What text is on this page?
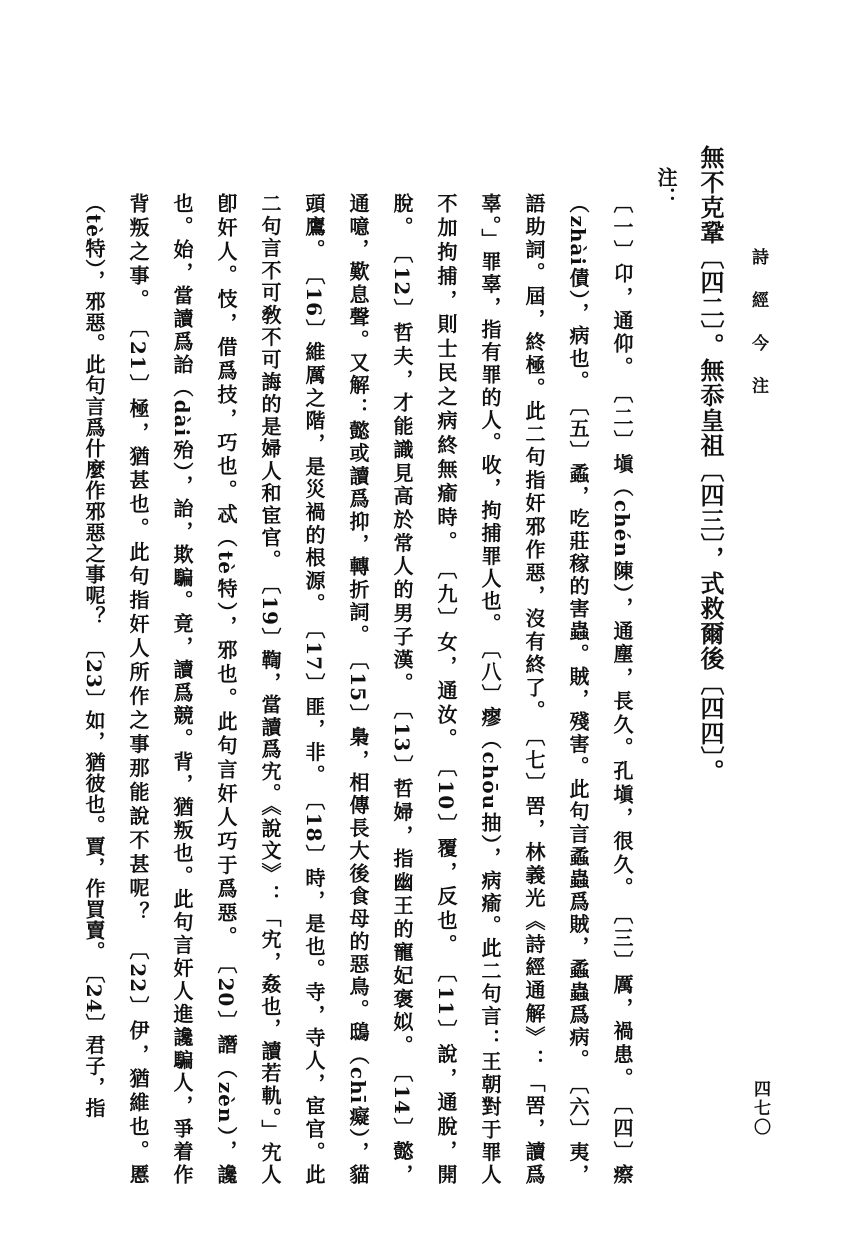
詩 經 今 注
四七〇

無不克鞏〔四二〕。無忝皇祖〔四三〕，式救爾後〔四四〕。

注：

〔一〕卬，通仰。　〔二〕塡（chén陳），通塵，長久。孔塡，很久。　〔三〕厲，禍患。　〔四〕瘵

（zhài債），病也。　〔五〕蟊，吃莊稼的害蟲。賊，殘害。此句言蟊蟲爲賊，蟊蟲爲病。　〔六〕夷，

語助詞。屆，終極。此二句指奸邪作惡，沒有終了。　〔七〕罟，林義光《詩經通解》：「罟，讀爲

辜。」罪辜，指有罪的人。收，拘捕罪人也。　〔八〕瘳（chōu抽），病瘉。此二句言：王朝對于罪人

不加拘捕，則士民之病終無瘉時。　〔九〕女，通汝。　〔10〕覆，反也。　〔11〕說，通脫，開

脫。　〔12〕哲夫，才能識見高於常人的男子漢。　〔13〕哲婦，指幽王的寵妃褒姒。　〔14〕懿，

通噫，歎息聲。又解：懿或讀爲抑，轉折詞。　〔15〕梟，相傳長大後食母的惡鳥。鴟（chī癡），貓

頭鷹。　〔16〕維厲之階，是災禍的根源。　〔17〕匪，非。　〔18〕時，是也。寺，寺人，宦官。此

二句言不可敎不可誨的是婦人和宦官。　〔19〕鞫，當讀爲宄。《說文》：「宄，姦也，讀若軌。」宄人

卽奸人。忮，借爲技，巧也。忒（tè特），邪也。此句言奸人巧于爲惡。　〔20〕譖（zèn），讒

也。始，當讀爲詒（dài殆），詒，欺騙。竟，讀爲競。背，猶叛也。此句言奸人進讒騙人，爭着作

背叛之事。　〔21〕極，猶甚也。此句指奸人所作之事那能說不甚呢？　〔22〕伊，猶維也。慝

（tè特），邪惡。此句言爲什麼作邪惡之事呢？　〔23〕如，猶彼也。賈，作買賣。　〔24〕君子，指
